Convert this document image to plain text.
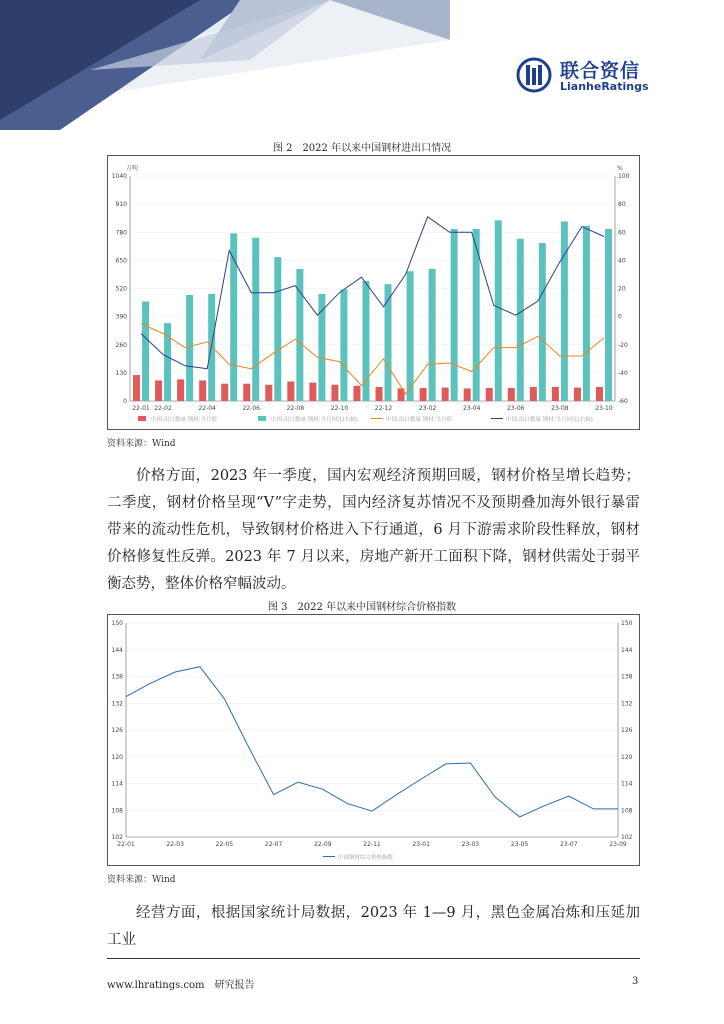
联合资信
LianheRatings
图 2　2022 年以来中国钢材进出口情况
万吨	%
0
130
260
390
520
650
780
910
1040
-60
-40
-20
0
20
40
60
80
100
22-01 22-02	22-04	22-06	22-08	22-10	22-12	23-02	23-04	23-06	23-08	23-10
中国:出口数量:钢材:当月值	中国:出口数量:钢材:当月同比(右轴)	中国:出口数量:钢材:当月值	中国:出口数量:钢材:当月同比(右轴)
资料来源：Wind

价格方面，2023 年一季度，国内宏观经济预期回暖，钢材价格呈增长趋势；二季度，钢材价格呈现“V”字走势，国内经济复苏情况不及预期叠加海外银行暴雷带来的流动性危机，导致钢材价格进入下行通道，6 月下游需求阶段性释放，钢材价格修复性反弹。2023 年 7 月以来，房地产新开工面积下降，钢材供需处于弱平衡态势，整体价格窄幅波动。

图 3　2022 年以来中国钢材综合价格指数
102	102
108	108
114	114
120	120
126	126
132	132
138	138
144	144
150	150
22-01	22-03	22-05	22-07	22-09	22-11	23-01	23-03	23-05	23-07	23-09
中国钢材综合价格指数
资料来源：Wind

经营方面，根据国家统计局数据，2023 年 1—9 月，黑色金属冶炼和压延加工业

www.lhratings.com　研究报告	3
